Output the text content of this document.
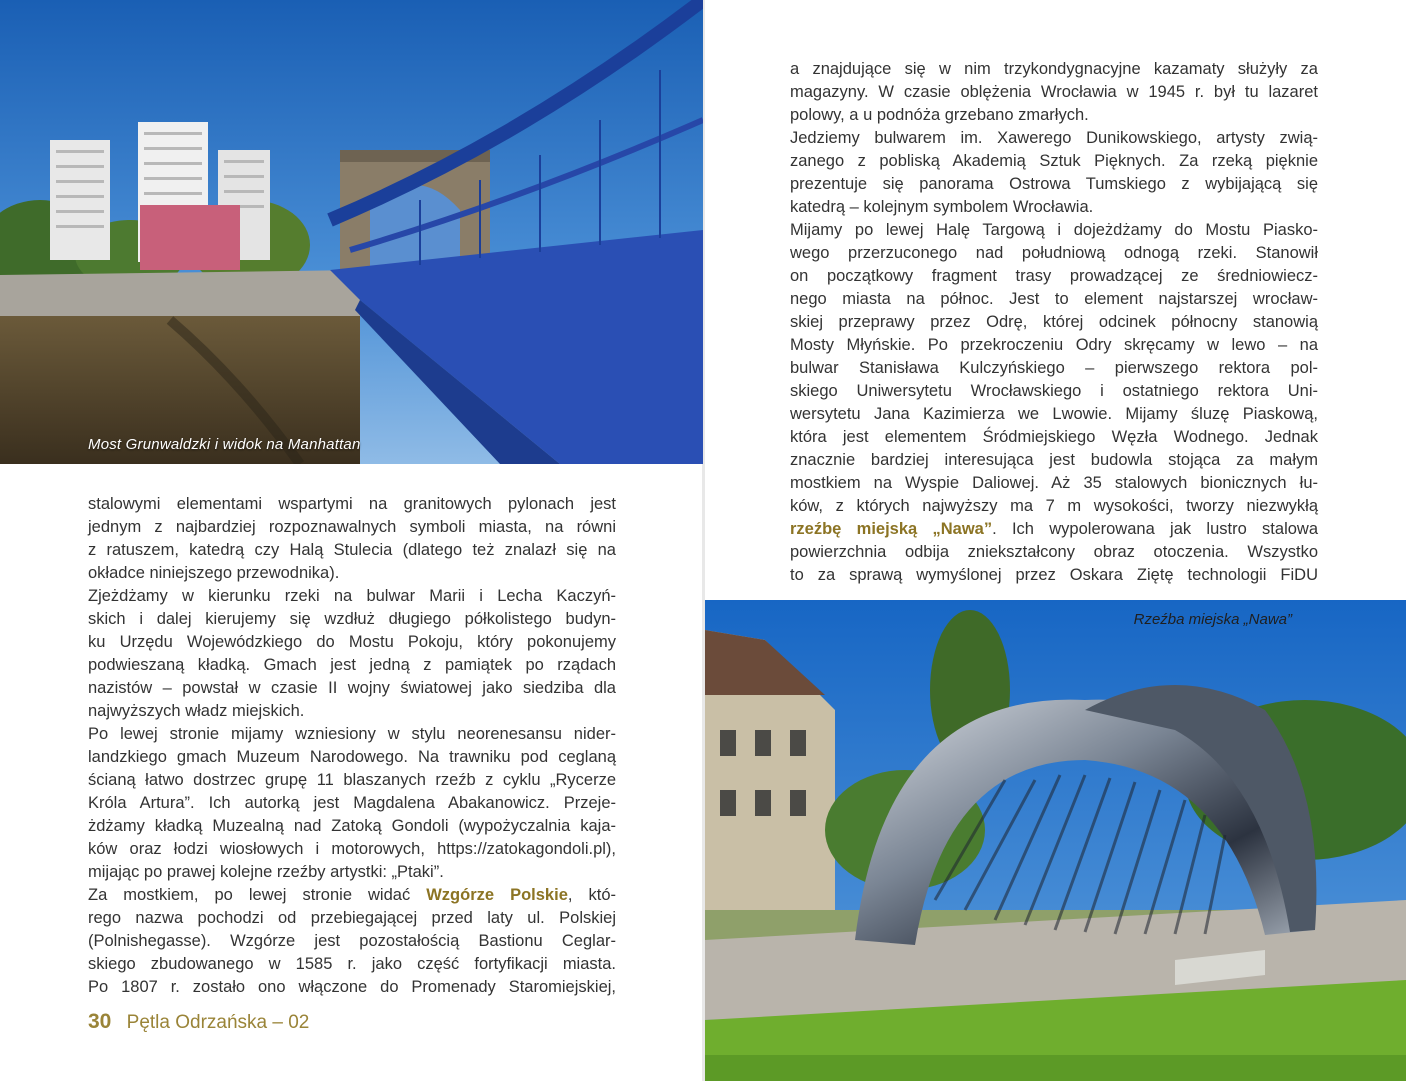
Most Grunwaldzki i widok na Manhattan
stalowymi elementami wspartymi na granitowych pylonach jest
jednym z najbardziej rozpoznawalnych symboli miasta, na równi
z ratuszem, katedrą czy Halą Stulecia (dlatego też znalazł się na
okładce niniejszego przewodnika).
Zjeżdżamy w kierunku rzeki na bulwar Marii i Lecha Kaczyń-
skich i dalej kierujemy się wzdłuż długiego półkolistego budyn-
ku Urzędu Wojewódzkiego do Mostu Pokoju, który pokonujemy
podwieszaną kładką. Gmach jest jedną z pamiątek po rządach
nazistów – powstał w czasie II wojny światowej jako siedziba dla
najwyższych władz miejskich.
Po lewej stronie mijamy wzniesiony w stylu neorenesansu nider-
landzkiego gmach Muzeum Narodowego. Na trawniku pod ceglaną
ścianą łatwo dostrzec grupę 11 blaszanych rzeźb z cyklu „Rycerze
Króla Artura”. Ich autorką jest Magdalena Abakanowicz. Przeje-
żdżamy kładką Muzealną nad Zatoką Gondoli (wypożyczalnia kaja-
ków oraz łodzi wiosłowych i motorowych, https://zatokagondoli.pl),
mijając po prawej kolejne rzeźby artystki: „Ptaki”.
Za mostkiem, po lewej stronie widać Wzgórze Polskie, któ-
rego nazwa pochodzi od przebiegającej przed laty ul. Polskiej
(Polnishegasse). Wzgórze jest pozostałością Bastionu Ceglar-
skiego zbudowanego w 1585 r. jako część fortyfikacji miasta.
Po 1807 r. zostało ono włączone do Promenady Staromiejskiej,
30 Pętla Odrzańska – 02
a znajdujące się w nim trzykondygnacyjne kazamaty służyły za
magazyny. W czasie oblężenia Wrocławia w 1945 r. był tu lazaret
polowy, a u podnóża grzebano zmarłych.
Jedziemy bulwarem im. Xawerego Dunikowskiego, artysty zwią-
zanego z pobliską Akademią Sztuk Pięknych. Za rzeką pięknie
prezentuje się panorama Ostrowa Tumskiego z wybijającą się
katedrą – kolejnym symbolem Wrocławia.
Mijamy po lewej Halę Targową i dojeżdżamy do Mostu Piasko-
wego przerzuconego nad południową odnogą rzeki. Stanowił
on początkowy fragment trasy prowadzącej ze średniowiecz-
nego miasta na północ. Jest to element najstarszej wrocław-
skiej przeprawy przez Odrę, której odcinek północny stanowią
Mosty Młyńskie. Po przekroczeniu Odry skręcamy w lewo – na
bulwar Stanisława Kulczyńskiego – pierwszego rektora pol-
skiego Uniwersytetu Wrocławskiego i ostatniego rektora Uni-
wersytetu Jana Kazimierza we Lwowie. Mijamy śluzę Piaskową,
która jest elementem Śródmiejskiego Węzła Wodnego. Jednak
znacznie bardziej interesująca jest budowla stojąca za małym
mostkiem na Wyspie Daliowej. Aż 35 stalowych bionicznych łu-
ków, z których najwyższy ma 7 m wysokości, tworzy niezwykłą
rzeźbę miejską „Nawa”. Ich wypolerowana jak lustro stalowa
powierzchnia odbija zniekształcony obraz otoczenia. Wszystko
to za sprawą wymyślonej przez Oskara Ziętę technologii FiDU
Rzeźba miejska „Nawa”
